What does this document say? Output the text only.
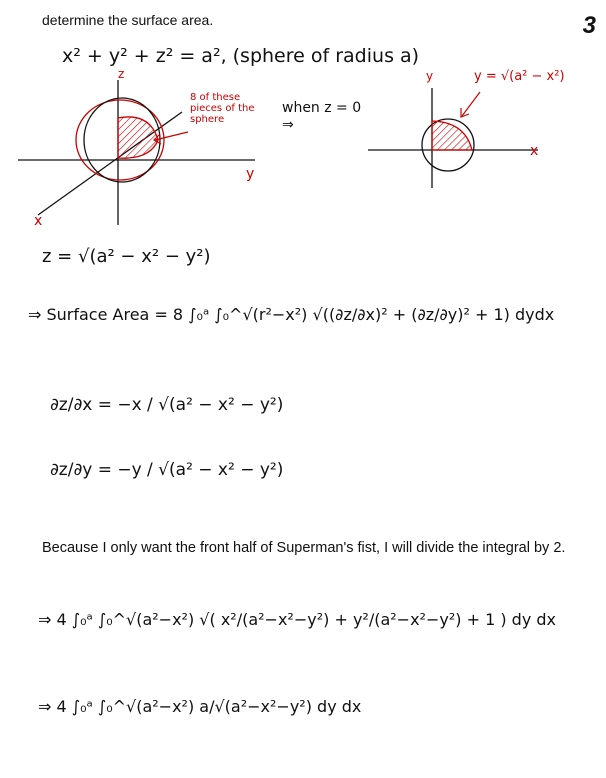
determine the surface area.	3
Because I only want the front half of Superman's fist, I will divide the integral by 2.
x² + y² + z² = a², (sphere of radius a)
z
y
x
8 of these pieces of the sphere
when z = 0 ⇒
y
x
y = √(a² − x²)
z = √(a² − x² − y²)
⇒ Surface Area = 8 ∫₀ᵃ ∫₀^√(r²−x²) √((∂z/∂x)² + (∂z/∂y)² + 1) dydx
∂z/∂x = −x / √(a² − x² − y²)
∂z/∂y = −y / √(a² − x² − y²)
⇒ 4 ∫₀ᵃ ∫₀^√(a²−x²) √( x²/(a²−x²−y²) + y²/(a²−x²−y²) + 1 ) dy dx
⇒ 4 ∫₀ᵃ ∫₀^√(a²−x²) a/√(a²−x²−y²) dy dx
